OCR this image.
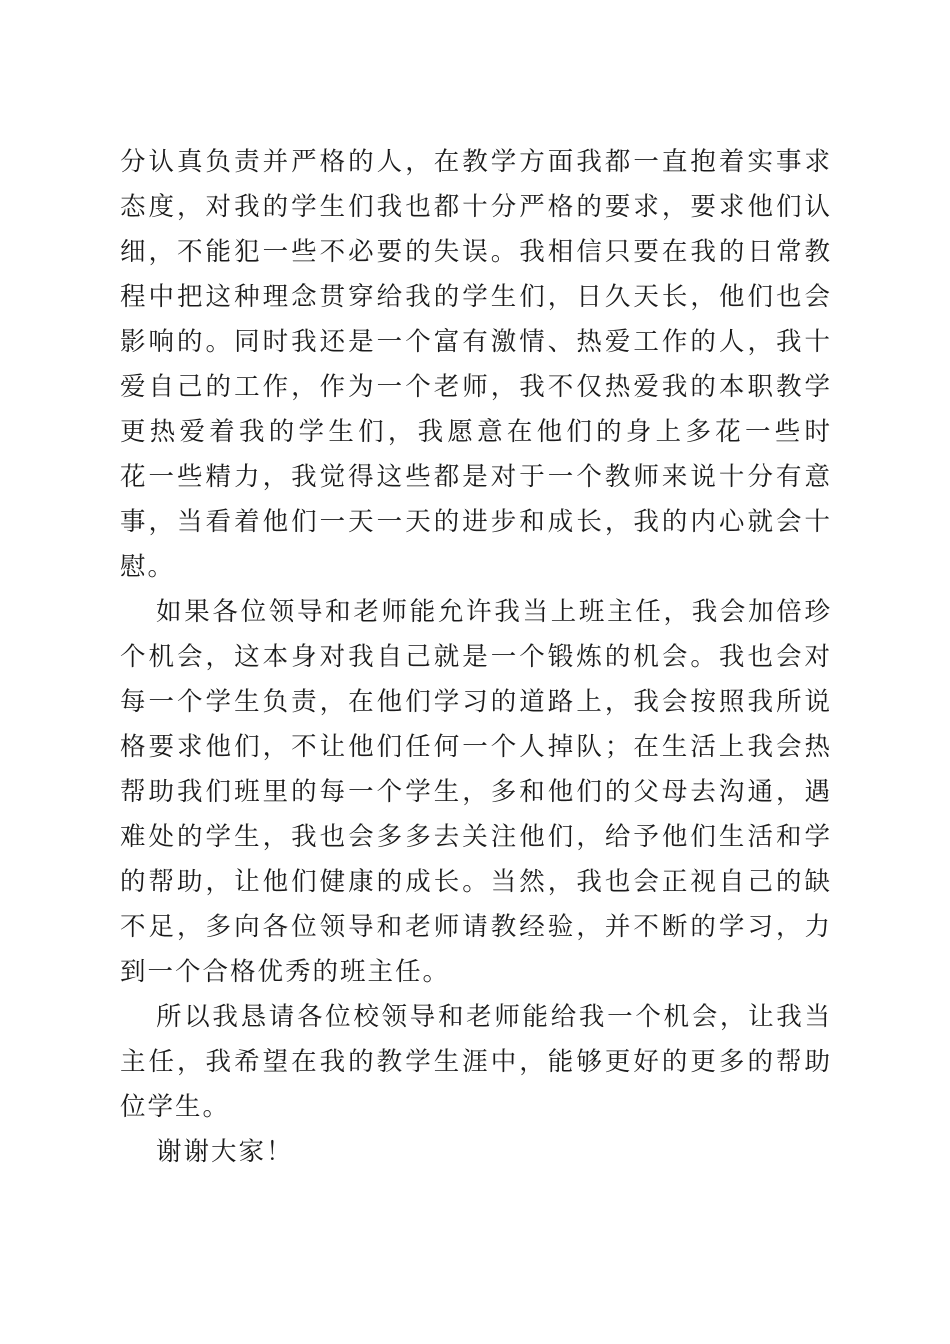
分认真负责并严格的人，在教学方面我都一直抱着实事求
态度，对我的学生们我也都十分严格的要求，要求他们认
细，不能犯一些不必要的失误。我相信只要在我的日常教
程中把这种理念贯穿给我的学生们，日久天长，他们也会
影响的。同时我还是一个富有激情、热爱工作的人，我十
爱自己的工作，作为一个老师，我不仅热爱我的本职教学
更热爱着我的学生们，我愿意在他们的身上多花一些时
花一些精力，我觉得这些都是对于一个教师来说十分有意
事，当看着他们一天一天的进步和成长，我的内心就会十
慰。
如果各位领导和老师能允许我当上班主任，我会加倍珍
个机会，这本身对我自己就是一个锻炼的机会。我也会对
每一个学生负责，在他们学习的道路上，我会按照我所说
格要求他们，不让他们任何一个人掉队；在生活上我会热
帮助我们班里的每一个学生，多和他们的父母去沟通，遇
难处的学生，我也会多多去关注他们，给予他们生活和学
的帮助，让他们健康的成长。当然，我也会正视自己的缺
不足，多向各位领导和老师请教经验，并不断的学习，力
到一个合格优秀的班主任。
所以我恳请各位校领导和老师能给我一个机会，让我当
主任，我希望在我的教学生涯中，能够更好的更多的帮助
位学生。
谢谢大家！
